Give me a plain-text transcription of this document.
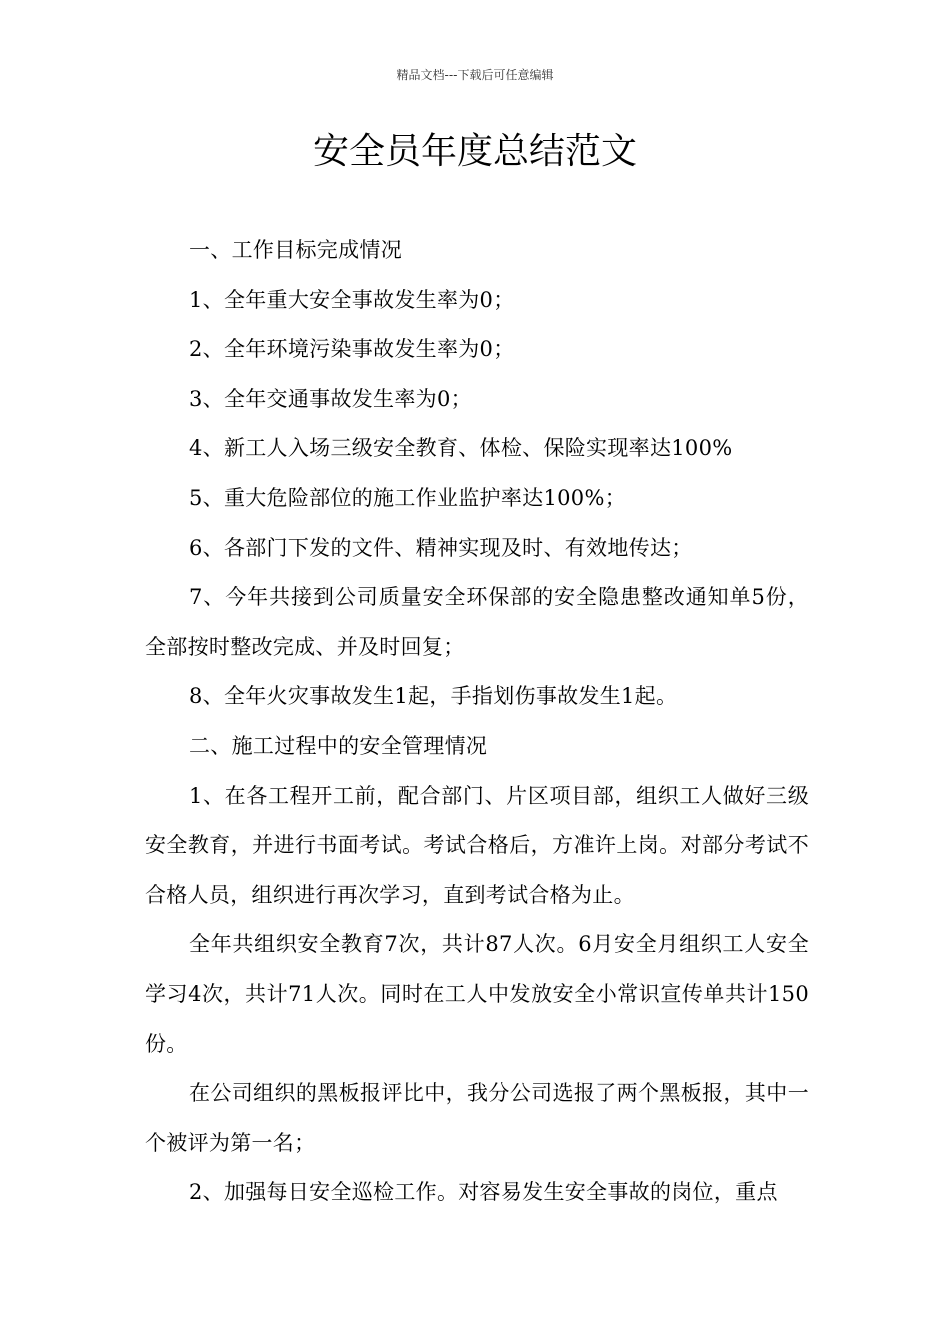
精品文档---下载后可任意编辑
安全员年度总结范文

一、工作目标完成情况

1、全年重大安全事故发生率为0；

2、全年环境污染事故发生率为0；

3、全年交通事故发生率为0；

4、新工人入场三级安全教育、体检、保险实现率达100%

5、重大危险部位的施工作业监护率达100%；

6、各部门下发的文件、精神实现及时、有效地传达；

7、今年共接到公司质量安全环保部的安全隐患整改通知单5份，全部按时整改完成、并及时回复；

8、全年火灾事故发生1起，手指划伤事故发生1起。

二、施工过程中的安全管理情况

1、在各工程开工前，配合部门、片区项目部，组织工人做好三级安全教育，并进行书面考试。考试合格后，方准许上岗。对部分考试不合格人员，组织进行再次学习，直到考试合格为止。

全年共组织安全教育7次，共计87人次。6月安全月组织工人安全学习4次，共计71人次。同时在工人中发放安全小常识宣传单共计150份。

在公司组织的黑板报评比中，我分公司选报了两个黑板报，其中一个被评为第一名；

2、加强每日安全巡检工作。对容易发生安全事故的岗位，重点
